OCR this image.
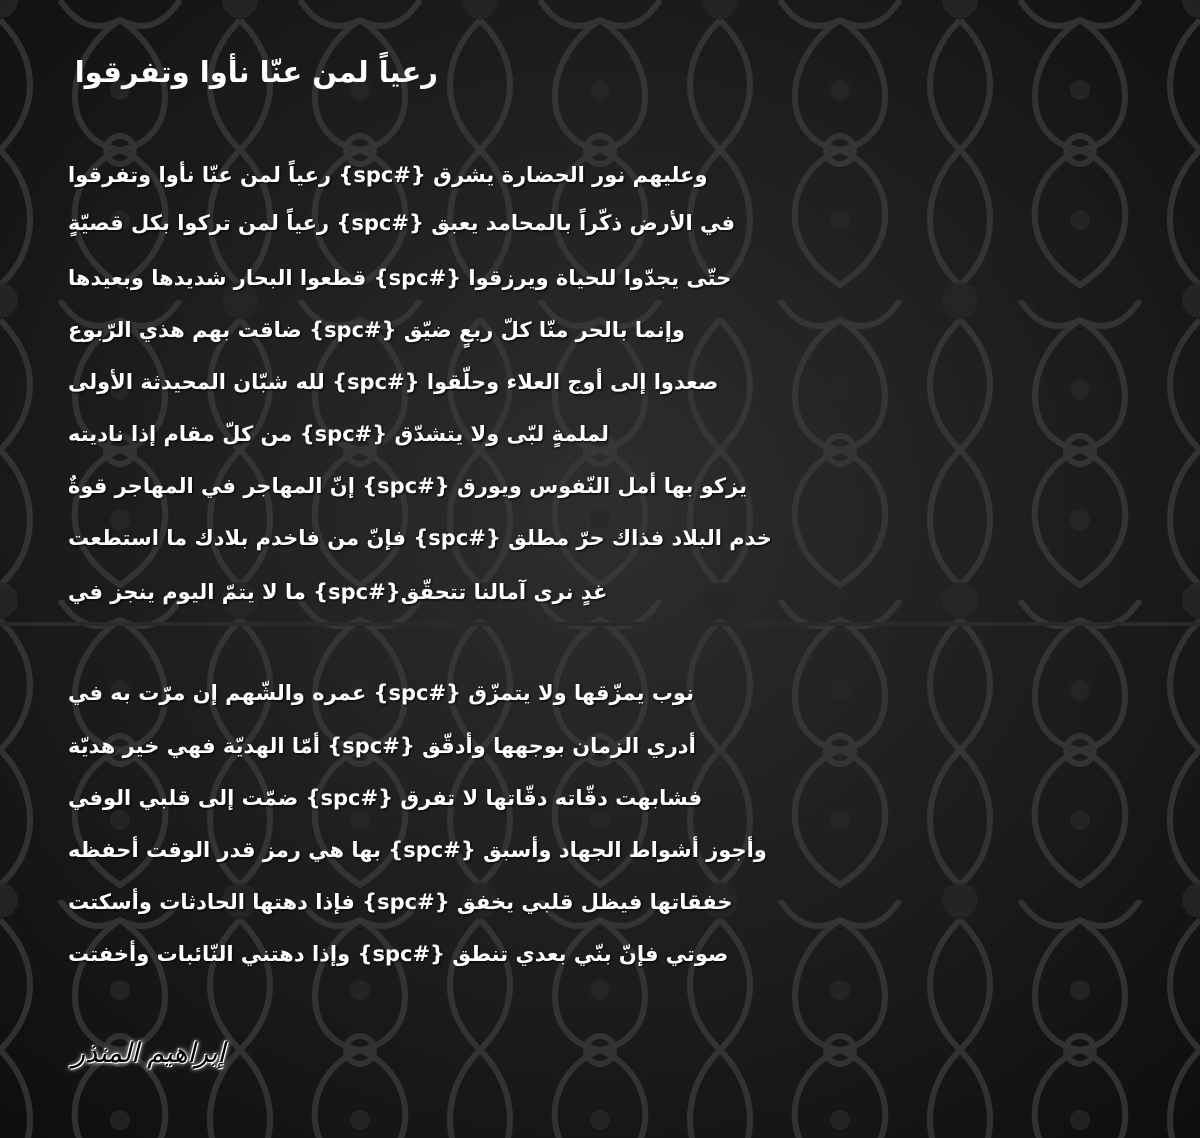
رعياً لمن عنّا نأوا وتفرقوا
وعليهم نور الحضارة يشرق {#spc} رعياً لمن عنّا نأوا وتفرقوا
في الأرض ذكّراً بالمحامد يعبق {#spc} رعياً لمن تركوا بكل قصيّةٍ
حتّى يجدّوا للحياة ويرزقوا {#spc} قطعوا البحار شديدها وبعيدها
وإنما بالحر منّا كلّ ربعٍ ضيّق {#spc} ضاقت بهم هذي الرّبوع
صعدوا إلى أوج العلاء وحلّقوا {#spc} لله شبّان المحيدثة الأولى
لملمةٍ لبّى ولا يتشدّق {#spc} من كلّ مقام إذا ناديته
يزكو بها أمل النّفوس ويورق {#spc} إنّ المهاجر في المهاجر قوةٌ
خدم البلاد فذاك حرّ مطلق {#spc} فإنّ من فاخدم بلادك ما استطعت
غدٍ نرى آمالنا تتحقّق{#spc} ما لا يتمّ اليوم ينجز في
نوب يمزّقها ولا يتمزّق {#spc} عمره والشّهم إن مرّت به في
أدري الزمان بوجهها وأدقّق {#spc} أمّا الهديّة فهي خير هديّة
فشابهت دقّاته دقّاتها لا تفرق {#spc} ضمّت إلى قلبي الوفي
وأجوز أشواط الجهاد وأسبق {#spc} بها هي رمز قدر الوقت أحفظه
خفقاتها فيظل قلبي يخفق {#spc} فإذا دهتها الحادثات وأسكتت
صوتي فإنّ بنّي بعدي تنطق {#spc} وإذا دهتني النّائبات وأخفتت
إبراهيم المنذر
